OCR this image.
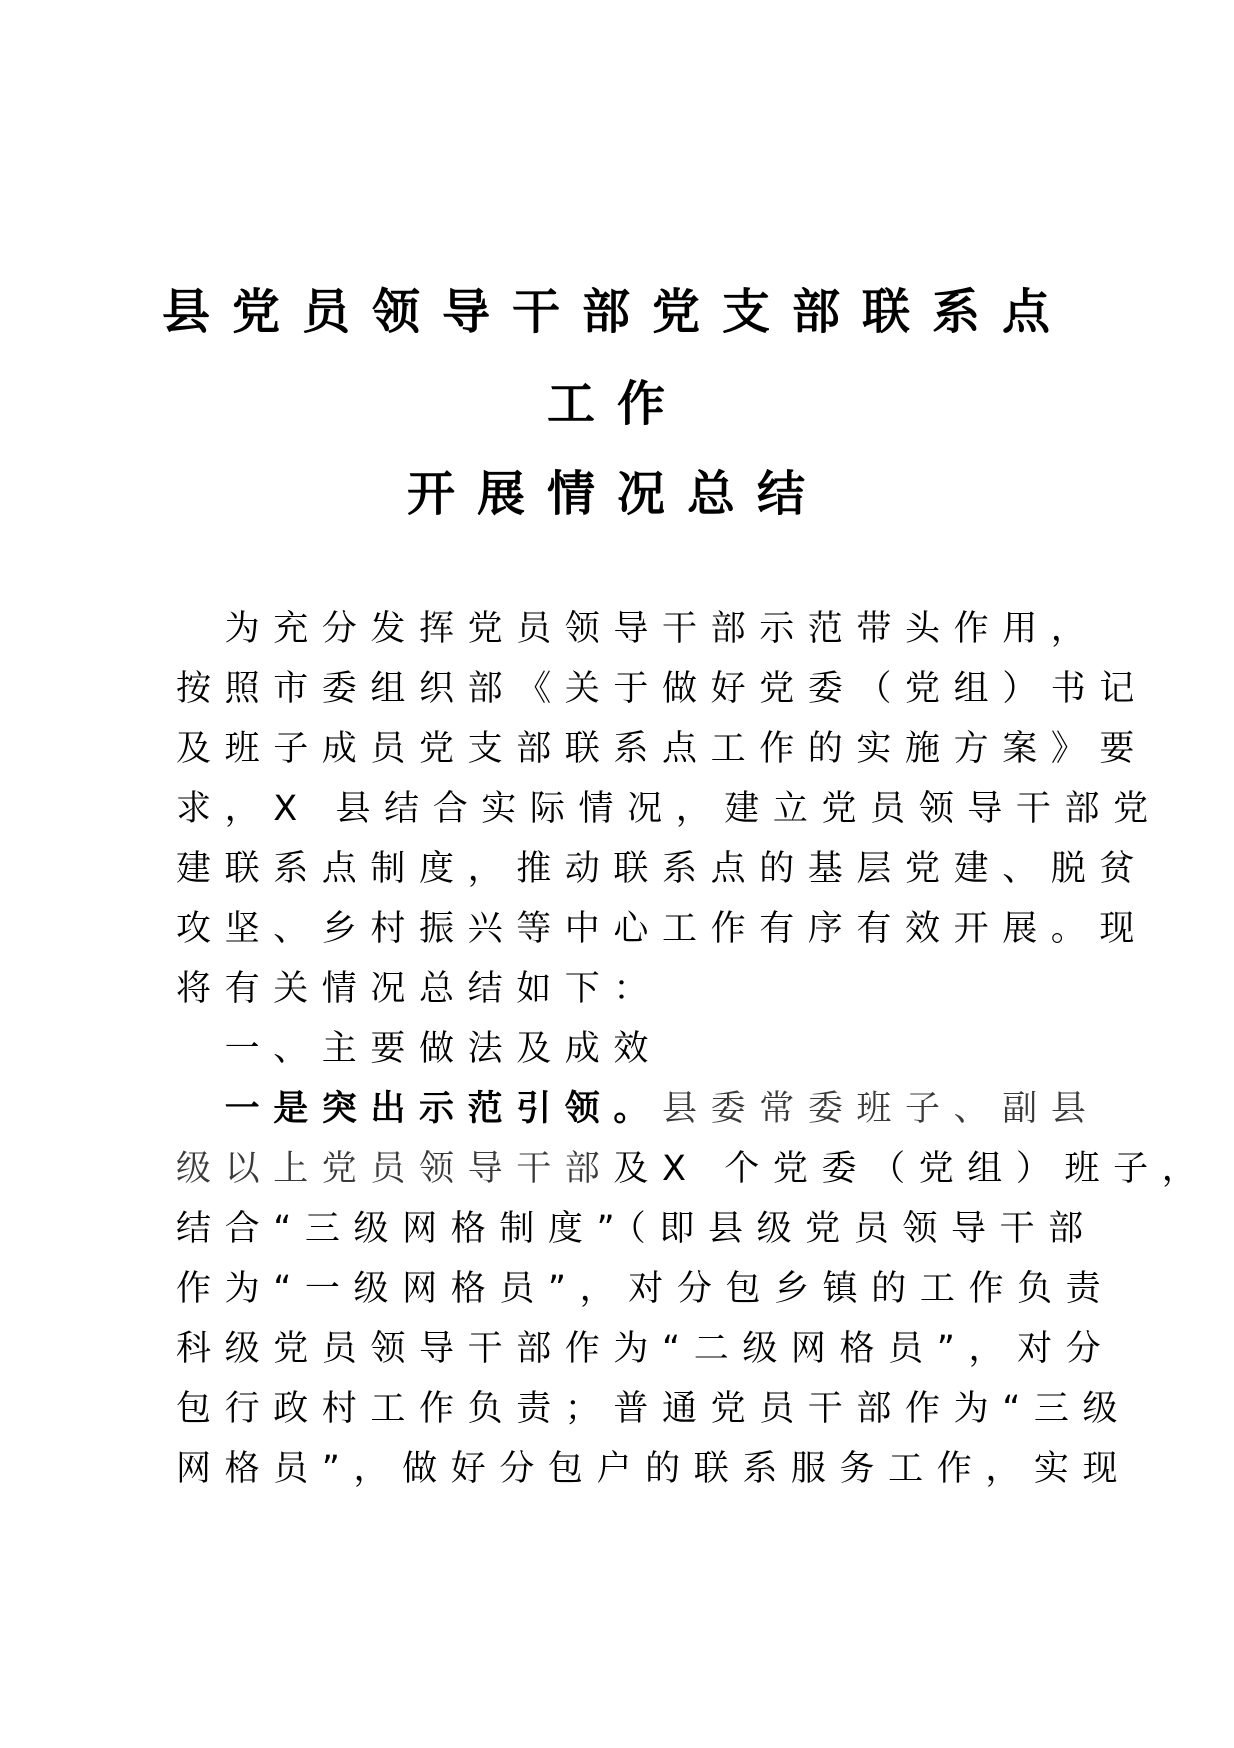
县党员领导干部党支部联系点
工作
开展情况总结
　为充分发挥党员领导干部示范带头作用，
按照市委组织部《关于做好党委（党组）书记
及班子成员党支部联系点工作的实施方案》要
求，X 县结合实际情况，建立党员领导干部党
建联系点制度，推动联系点的基层党建、脱贫
攻坚、乡村振兴等中心工作有序有效开展。现
将有关情况总结如下：
　一、主要做法及成效
　一是突出示范引领。县委常委班子、副县
级以上党员领导干部及X 个党委（党组）班子，
结合“三级网格制度”（即县级党员领导干部
作为“一级网格员”，对分包乡镇的工作负责
科级党员领导干部作为“二级网格员”，对分
包行政村工作负责；普通党员干部作为“三级
网格员”，做好分包户的联系服务工作，实现
